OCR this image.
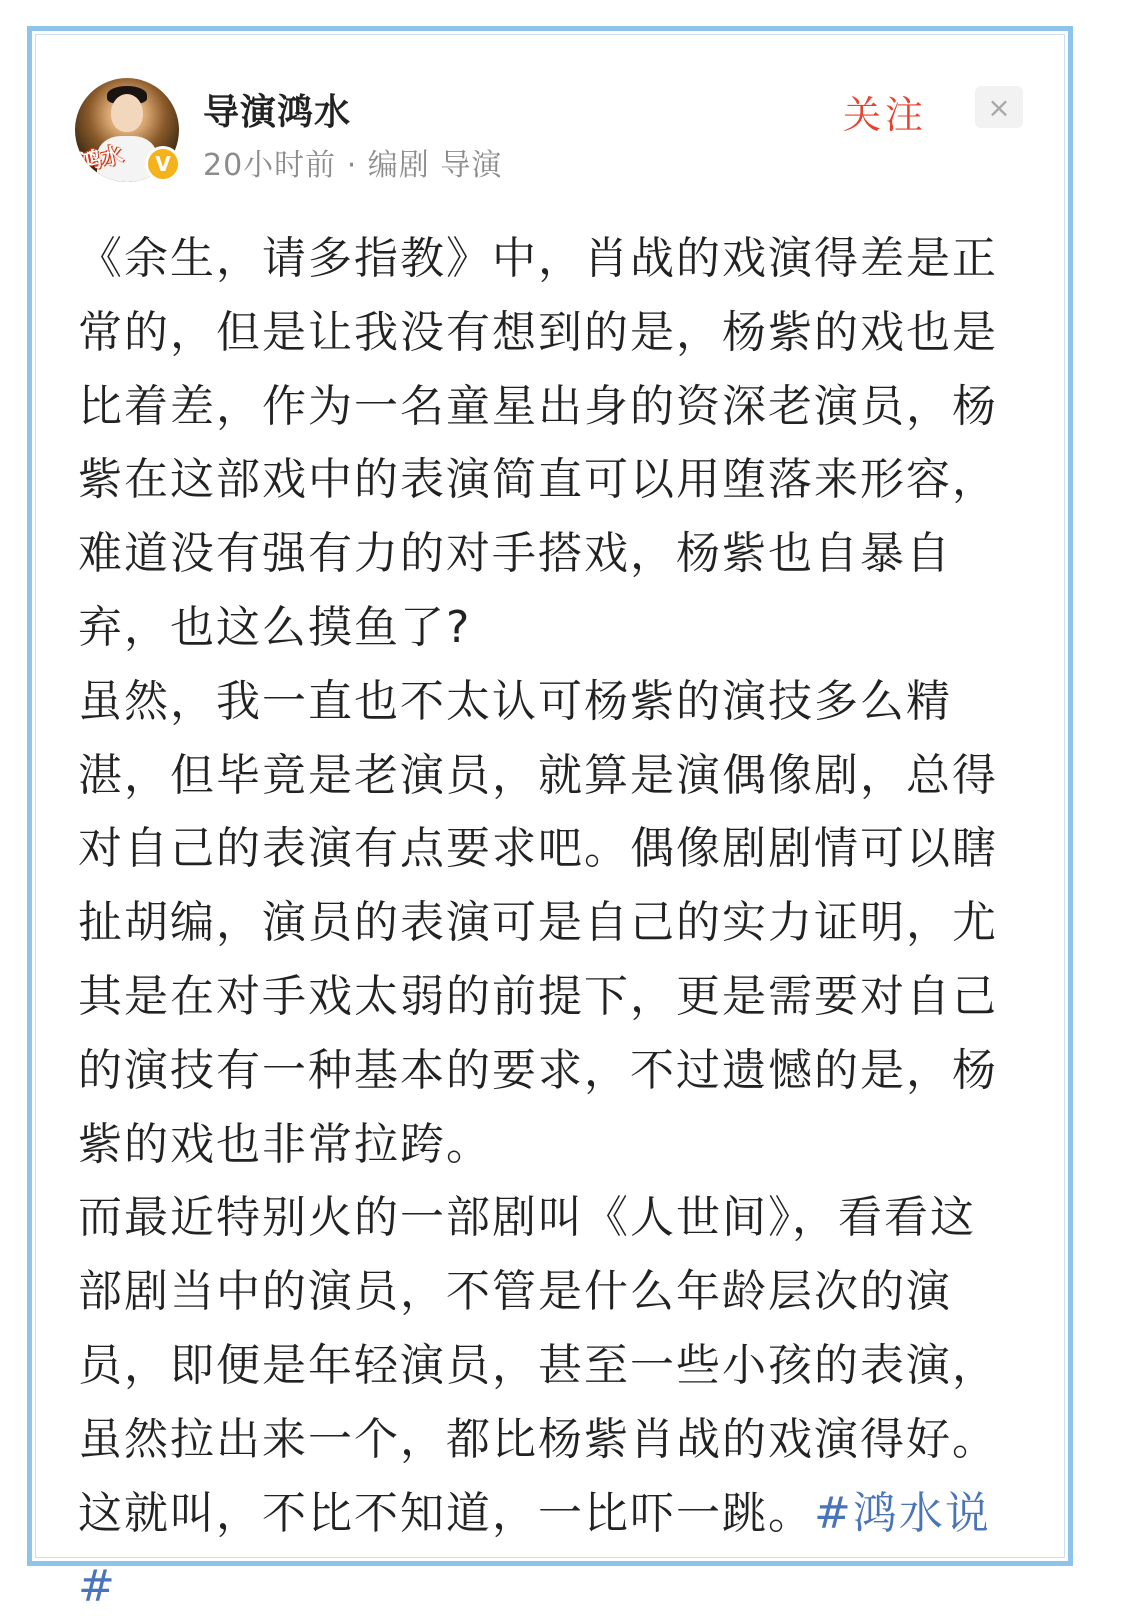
鸿水	V
导演鸿水
20小时前 · 编剧 导演
关注 ×

《余生，请多指教》中，肖战的戏演得差是正常的，但是让我没有想到的是，杨紫的戏也是比着差，作为一名童星出身的资深老演员，杨紫在这部戏中的表演简直可以用堕落来形容，难道没有强有力的对手搭戏，杨紫也自暴自弃，也这么摸鱼了?

虽然，我一直也不太认可杨紫的演技多么精湛，但毕竟是老演员，就算是演偶像剧，总得对自己的表演有点要求吧。偶像剧剧情可以瞎扯胡编，演员的表演可是自己的实力证明，尤其是在对手戏太弱的前提下，更是需要对自己的演技有一种基本的要求，不过遗憾的是，杨紫的戏也非常拉跨。

而最近特别火的一部剧叫《人世间》，看看这部剧当中的演员，不管是什么年龄层次的演员，即便是年轻演员，甚至一些小孩的表演，虽然拉出来一个，都比杨紫肖战的戏演得好。

这就叫，不比不知道，一比吓一跳。#鸿水说#
